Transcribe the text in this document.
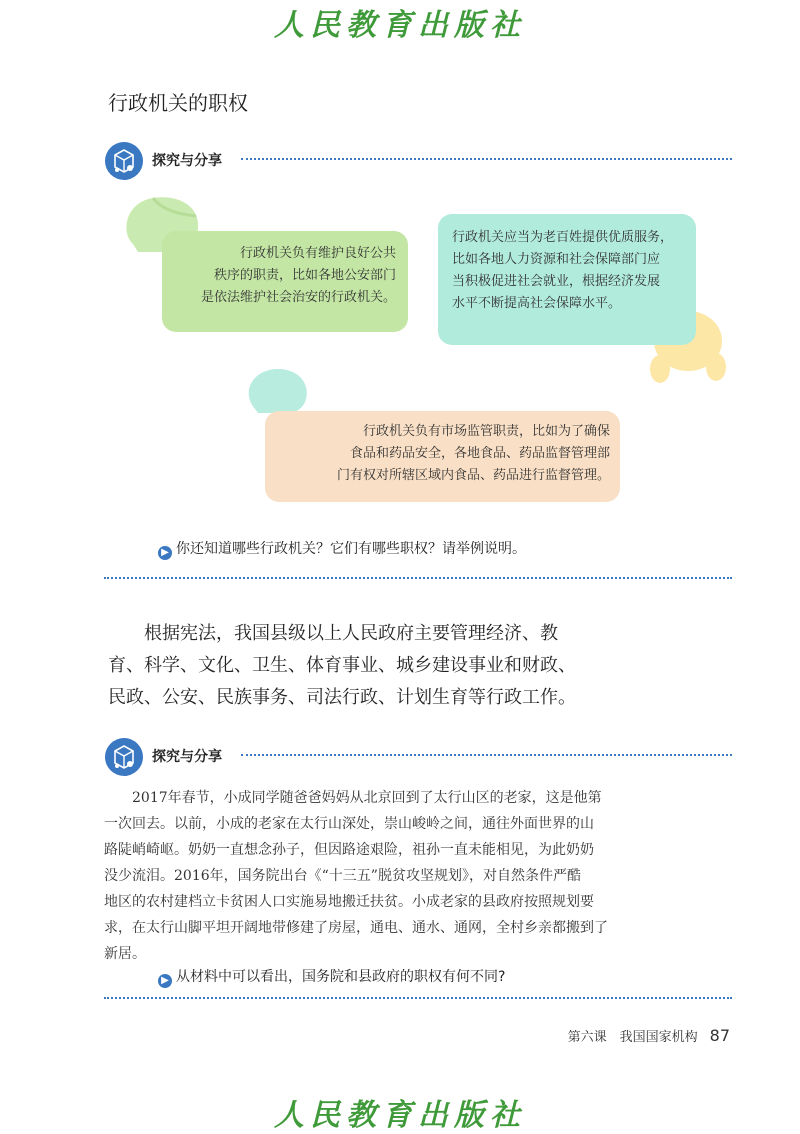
人民教育出版社
行政机关的职权
探究与分享
行政机关负有维护良好公共
秩序的职责，比如各地公安部门
是依法维护社会治安的行政机关。
行政机关应当为老百姓提供优质服务，
比如各地人力资源和社会保障部门应
当积极促进社会就业，根据经济发展
水平不断提高社会保障水平。
行政机关负有市场监管职责，比如为了确保
食品和药品安全，各地食品、药品监督管理部
门有权对所辖区域内食品、药品进行监督管理。
▶ 你还知道哪些行政机关？它们有哪些职权？请举例说明。
根据宪法，我国县级以上人民政府主要管理经济、教
育、科学、文化、卫生、体育事业、城乡建设事业和财政、
民政、公安、民族事务、司法行政、计划生育等行政工作。
探究与分享
2017年春节，小成同学随爸爸妈妈从北京回到了太行山区的老家，这是他第
一次回去。以前，小成的老家在太行山深处，崇山峻岭之间，通往外面世界的山
路陡峭崎岖。奶奶一直想念孙子，但因路途艰险，祖孙一直未能相见，为此奶奶
没少流泪。2016年，国务院出台《“十三五”脱贫攻坚规划》，对自然条件严酷
地区的农村建档立卡贫困人口实施易地搬迁扶贫。小成老家的县政府按照规划要
求，在太行山脚平坦开阔地带修建了房屋，通电、通水、通网，全村乡亲都搬到了
新居。
▶ 从材料中可以看出，国务院和县政府的职权有何不同?
第六课　我国国家机构 87
人民教育出版社
